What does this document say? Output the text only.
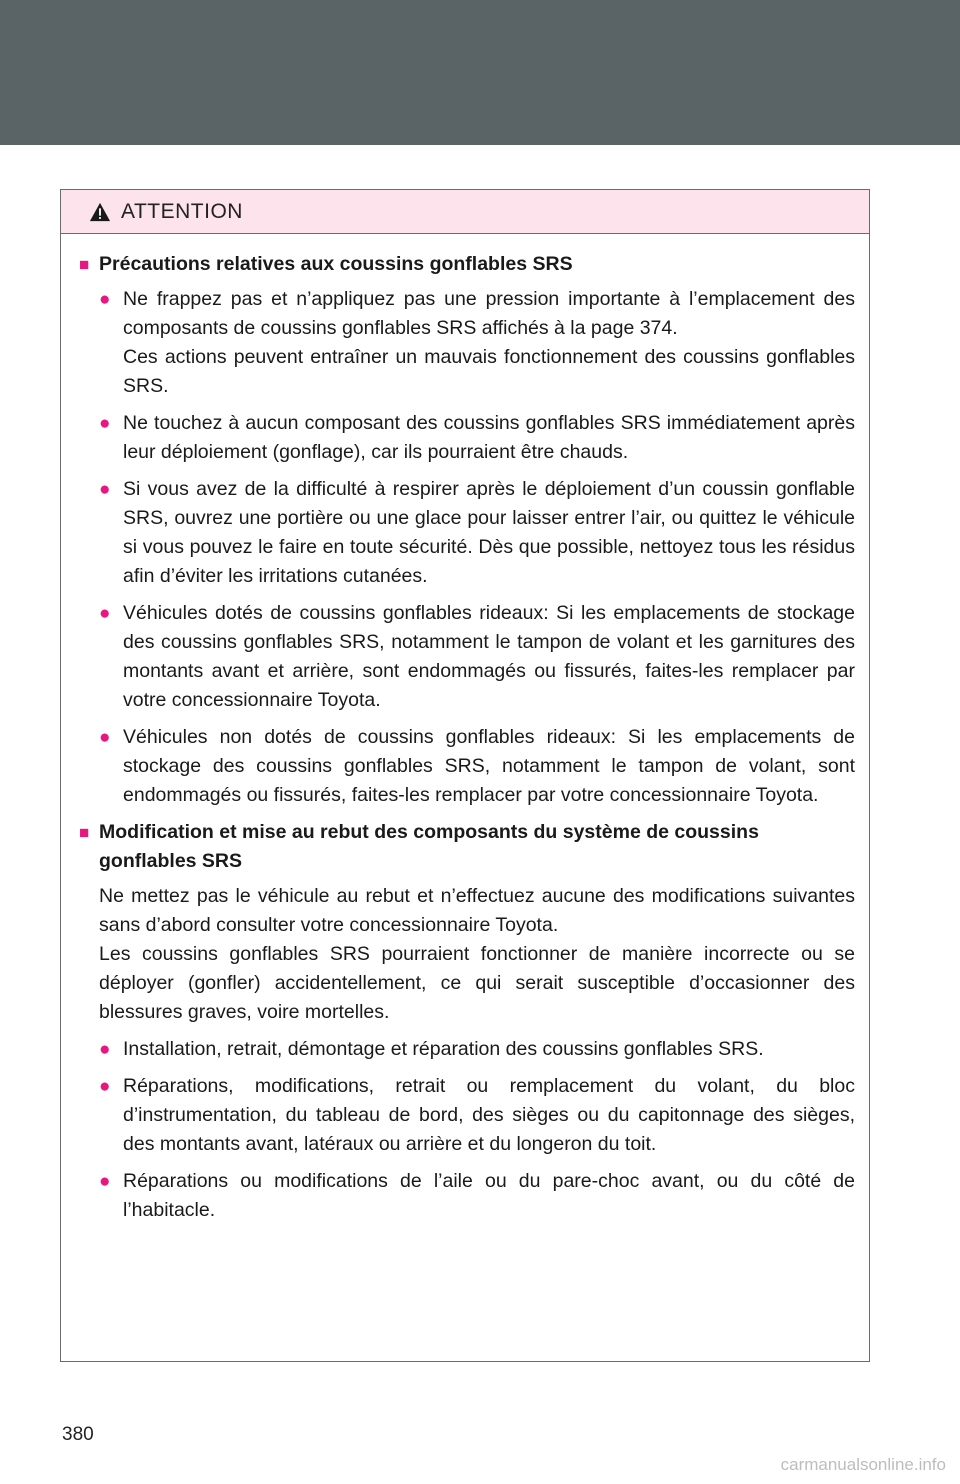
ATTENTION
■ Précautions relatives aux coussins gonflables SRS
● Ne frappez pas et n’appliquez pas une pression importante à l’emplacement des composants de coussins gonflables SRS affichés à la page 374.
Ces actions peuvent entraîner un mauvais fonctionnement des coussins gonflables SRS.
● Ne touchez à aucun composant des coussins gonflables SRS immédiatement après leur déploiement (gonflage), car ils pourraient être chauds.
● Si vous avez de la difficulté à respirer après le déploiement d’un coussin gonflable SRS, ouvrez une portière ou une glace pour laisser entrer l’air, ou quittez le véhicule si vous pouvez le faire en toute sécurité. Dès que possible, nettoyez tous les résidus afin d’éviter les irritations cutanées.
● Véhicules dotés de coussins gonflables rideaux: Si les emplacements de stockage des coussins gonflables SRS, notamment le tampon de volant et les garnitures des montants avant et arrière, sont endommagés ou fissurés, faites-les remplacer par votre concessionnaire Toyota.
● Véhicules non dotés de coussins gonflables rideaux: Si les emplacements de stockage des coussins gonflables SRS, notamment le tampon de volant, sont endommagés ou fissurés, faites-les remplacer par votre concessionnaire Toyota.
■ Modification et mise au rebut des composants du système de coussins gonflables SRS
Ne mettez pas le véhicule au rebut et n’effectuez aucune des modifications suivantes sans d’abord consulter votre concessionnaire Toyota.
Les coussins gonflables SRS pourraient fonctionner de manière incorrecte ou se déployer (gonfler) accidentellement, ce qui serait susceptible d’occasionner des blessures graves, voire mortelles.
● Installation, retrait, démontage et réparation des coussins gonflables SRS.
● Réparations, modifications, retrait ou remplacement du volant, du bloc d’instrumentation, du tableau de bord, des sièges ou du capitonnage des sièges, des montants avant, latéraux ou arrière et du longeron du toit.
● Réparations ou modifications de l’aile ou du pare-choc avant, ou du côté de l’habitacle.
380
carmanualsonline.info
